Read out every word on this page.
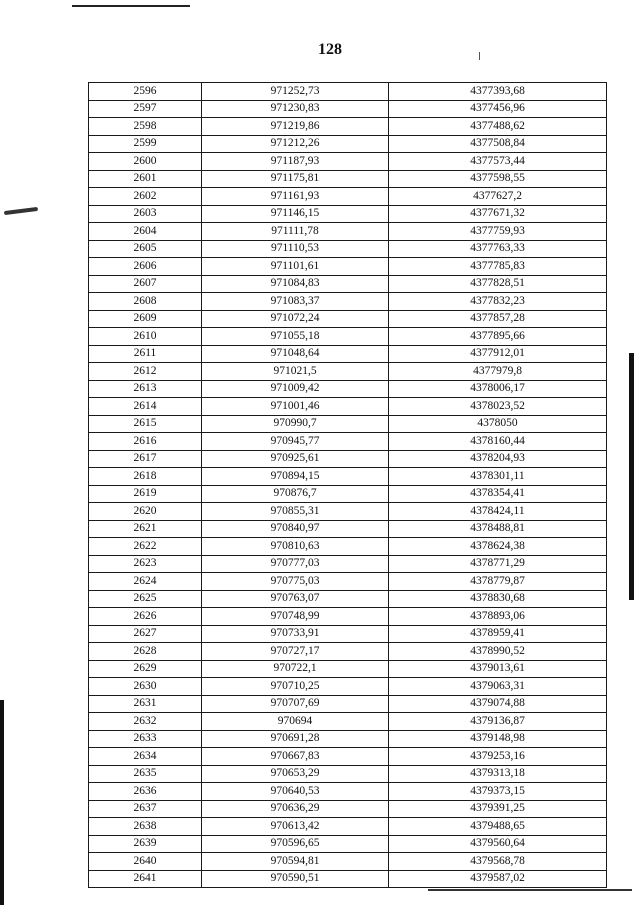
128
2596	971252,73	4377393,68
2597	971230,83	4377456,96
2598	971219,86	4377488,62
2599	971212,26	4377508,84
2600	971187,93	4377573,44
2601	971175,81	4377598,55
2602	971161,93	4377627,2
2603	971146,15	4377671,32
2604	971111,78	4377759,93
2605	971110,53	4377763,33
2606	971101,61	4377785,83
2607	971084,83	4377828,51
2608	971083,37	4377832,23
2609	971072,24	4377857,28
2610	971055,18	4377895,66
2611	971048,64	4377912,01
2612	971021,5	4377979,8
2613	971009,42	4378006,17
2614	971001,46	4378023,52
2615	970990,7	4378050
2616	970945,77	4378160,44
2617	970925,61	4378204,93
2618	970894,15	4378301,11
2619	970876,7	4378354,41
2620	970855,31	4378424,11
2621	970840,97	4378488,81
2622	970810,63	4378624,38
2623	970777,03	4378771,29
2624	970775,03	4378779,87
2625	970763,07	4378830,68
2626	970748,99	4378893,06
2627	970733,91	4378959,41
2628	970727,17	4378990,52
2629	970722,1	4379013,61
2630	970710,25	4379063,31
2631	970707,69	4379074,88
2632	970694	4379136,87
2633	970691,28	4379148,98
2634	970667,83	4379253,16
2635	970653,29	4379313,18
2636	970640,53	4379373,15
2637	970636,29	4379391,25
2638	970613,42	4379488,65
2639	970596,65	4379560,64
2640	970594,81	4379568,78
2641	970590,51	4379587,02
